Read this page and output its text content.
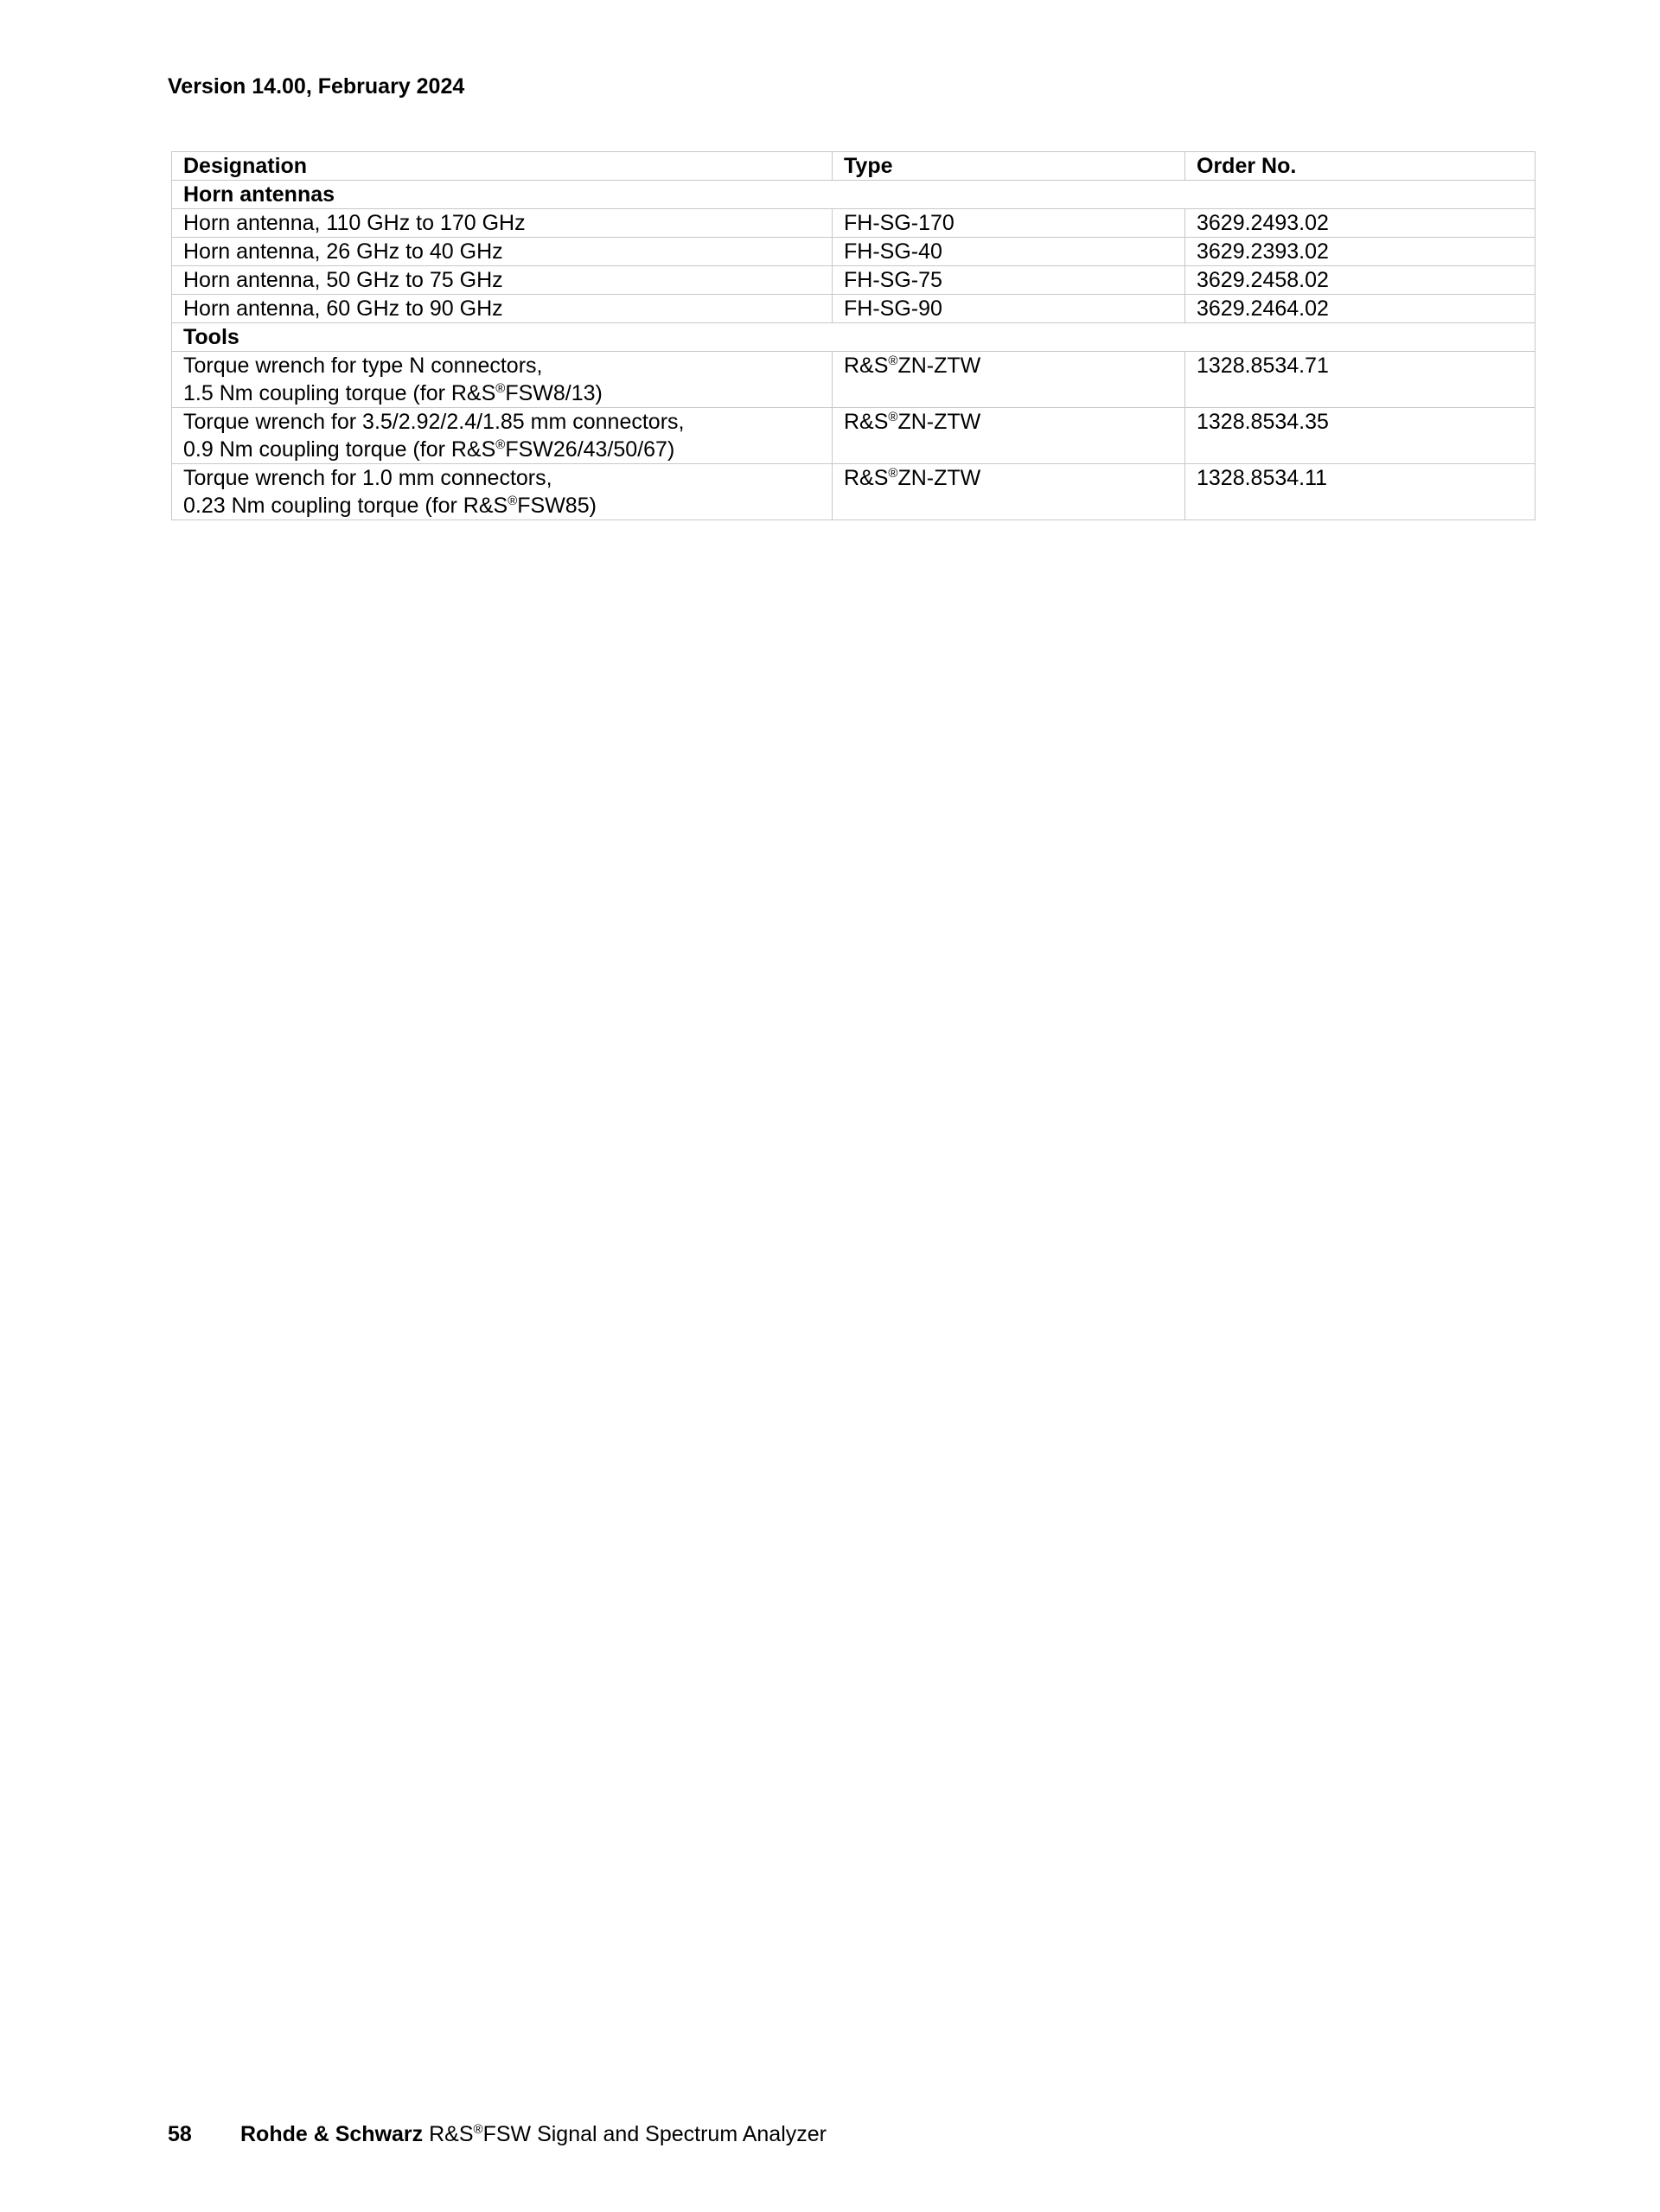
Version 14.00, February 2024
Designation	Type	Order No.
Horn antennas		

Horn antenna, 110 GHz to 170 GHz	FH-SG-170	3629.2493.02

Horn antenna, 26 GHz to 40 GHz	FH-SG-40	3629.2393.02

Horn antenna, 50 GHz to 75 GHz	FH-SG-75	3629.2458.02

Horn antenna, 60 GHz to 90 GHz	FH-SG-90	3629.2464.02
Tools		

Torque wrench for type N connectors,
1.5 Nm coupling torque (for R&S®FSW8/13)	R&S®ZN-ZTW	1328.8534.71

Torque wrench for 3.5/2.92/2.4/1.85 mm connectors,
0.9 Nm coupling torque (for R&S®FSW26/43/50/67)	R&S®ZN-ZTW	1328.8534.35

Torque wrench for 1.0 mm connectors,
0.23 Nm coupling torque (for R&S®FSW85)	R&S®ZN-ZTW	1328.8534.11
58 Rohde & Schwarz R&S®FSW Signal and Spectrum Analyzer
